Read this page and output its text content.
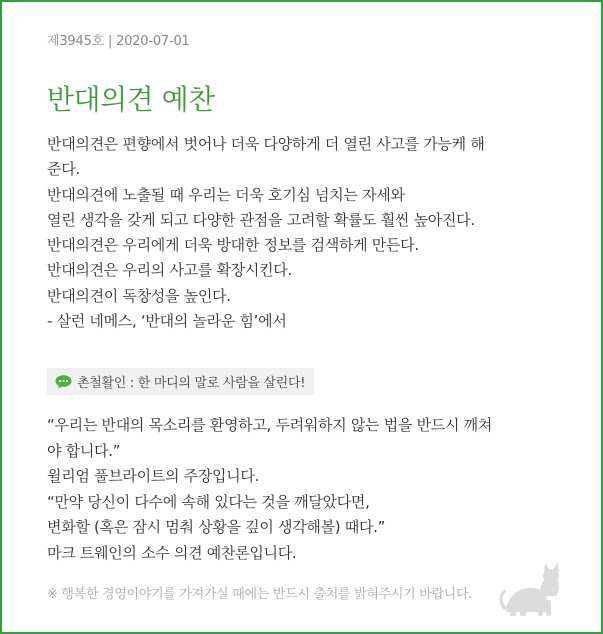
제3945호 | 2020-07-01
반대의견 예찬
반대의견은 편향에서 벗어나 더욱 다양하게 더 열린 사고를 가능케 해
준다.
반대의견에 노출될 때 우리는 더욱 호기심 넘치는 자세와
열린 생각을 갖게 되고 다양한 관점을 고려할 확률도 훨씬 높아진다.
반대의견은 우리에게 더욱 방대한 정보를 검색하게 만든다.
반대의견은 우리의 사고를 확장시킨다.
반대의견이 독창성을 높인다.
- 살런 네메스, ‘반대의 놀라운 힘’에서
촌철활인 : 한 마디의 말로 사람을 살린다!
“우리는 반대의 목소리를 환영하고, 두려워하지 않는 법을 반드시 깨쳐
야 합니다.”
윌리엄 풀브라이트의 주장입니다.
“만약 당신이 다수에 속해 있다는 것을 깨달았다면,
변화할 (혹은 잠시 멈춰 상황을 깊이 생각해볼) 때다.”
마크 트웨인의 소수 의견 예찬론입니다.
※ 행복한 경영이야기를 가져가실 때에는 반드시 출처를 밝혀주시기 바랍니다.
